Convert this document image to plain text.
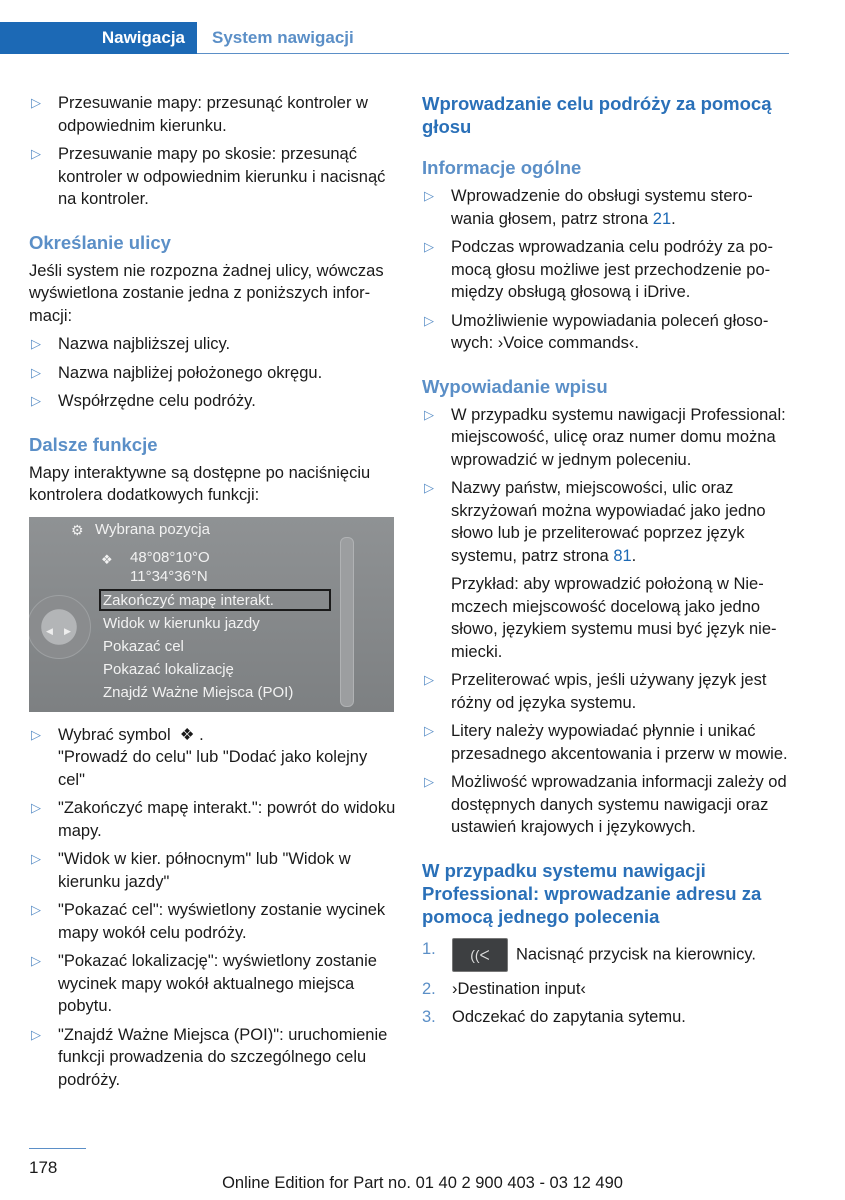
Nawigacja System nawigacji
▷ Przesuwanie mapy: przesunąć kontroler w odpowiednim kierunku.
▷ Przesuwanie mapy po skosie: przesunąć kontroler w odpowiednim kierunku i nacisnąć na kontroler.
Określanie ulicy

Jeśli system nie rozpozna żadnej ulicy, wówczas wyświetlona zostanie jedna z poniższych informacji:

▷ Nazwa najbliższej ulicy.
▷ Nazwa najbliżej położonego okręgu.
▷ Współrzędne celu podróży.
Dalsze funkcje

Mapy interaktywne są dostępne po naciśnięciu kontrolera dodatkowych funkcji:

⚙ Wybrana pozycja
❖ 48°08°10°O
11°34°36°N
Zakończyć mapę interakt.
Widok w kierunku jazdy
Pokazać cel
Pokazać lokalizację
Znajdź Ważne Miejsca (POI)
◀ ▶
▷ Wybrać symbol ❖ .
"Prowadź do celu" lub "Dodać jako kolejny cel"
▷ "Zakończyć mapę interakt.": powrót do widoku mapy.
▷ "Widok w kier. północnym" lub "Widok w kierunku jazdy"
▷ "Pokazać cel": wyświetlony zostanie wycinek mapy wokół celu podróży.
▷ "Pokazać lokalizację": wyświetlony zostanie wycinek mapy wokół aktualnego miejsca pobytu.
▷ "Znajdź Ważne Miejsca (POI)": uruchomienie funkcji prowadzenia do szczególnego celu podróży.
Wprowadzanie celu podróży za pomocą głosu
Informacje ogólne
▷ Wprowadzenie do obsługi systemu sterowania głosem, patrz strona 21.
▷ Podczas wprowadzania celu podróży za pomocą głosu możliwe jest przechodzenie pomiędzy obsługą głosową i iDrive.
▷ Umożliwienie wypowiadania poleceń głosowych: ›Voice commands‹.
Wypowiadanie wpisu
▷ W przypadku systemu nawigacji Professional: miejscowość, ulicę oraz numer domu można wprowadzić w jednym poleceniu.
▷ Nazwy państw, miejscowości, ulic oraz skrzyżowań można wypowiadać jako jedno słowo lub je przeliterować poprzez język systemu, patrz strona 81.
Przykład: aby wprowadzić położoną w Niemczech miejscowość docelową jako jedno słowo, językiem systemu musi być język niemiecki.
▷ Przeliterować wpis, jeśli używany język jest różny od języka systemu.
▷ Litery należy wypowiadać płynnie i unikać przesadnego akcentowania i przerw w mowie.
▷ Możliwość wprowadzania informacji zależy od dostępnych danych systemu nawigacji oraz ustawień krajowych i językowych.
W przypadku systemu nawigacji Professional: wprowadzanie adresu za pomocą jednego polecenia
1. ((ᐸ Nacisnąć przycisk na kierownicy.
2. ›Destination input‹
3. Odczekać do zapytania sytemu.
178
Online Edition for Part no. 01 40 2 900 403 - 03 12 490
